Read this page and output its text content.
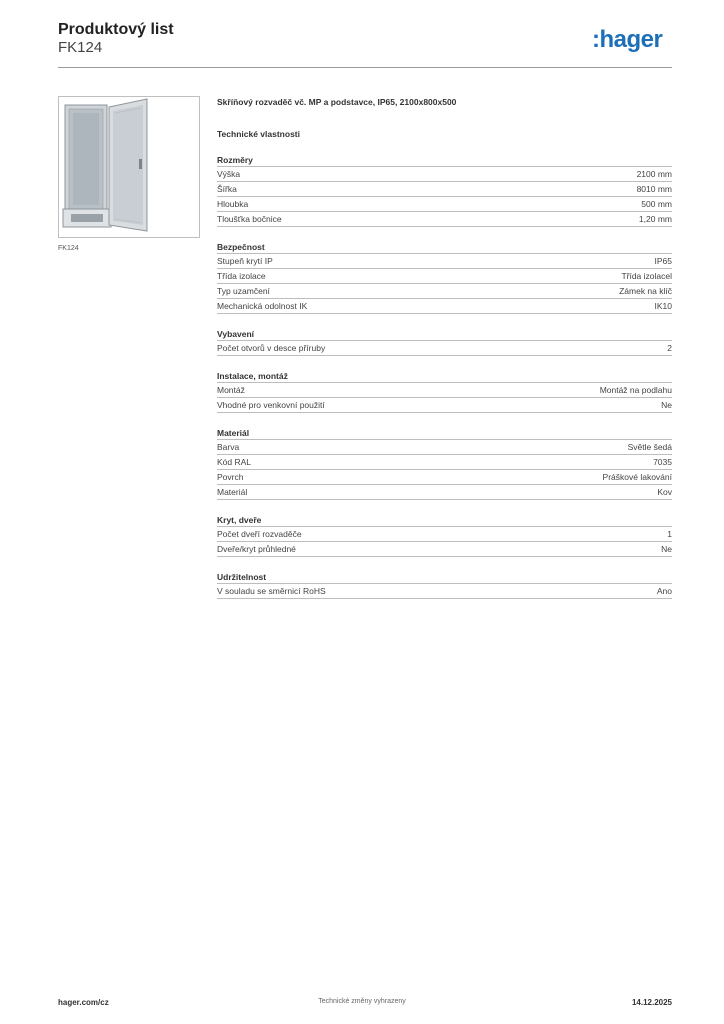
Produktový list
FK124	:hager
FK124
Skříňový rozvaděč vč. MP a podstavce, IP65, 2100x800x500
Technické vlastnosti
Rozměry
Výška	2100 mm
Šířka	8010 mm
Hloubka	500 mm
Tloušťka bočnice	1,20 mm
Bezpečnost
Stupeň krytí IP	IP65
Třída izolace	Třída izolacel
Typ uzamčení	Zámek na klíč
Mechanická odolnost IK	IK10
Vybavení
Počet otvorů v desce příruby	2
Instalace, montáž
Montáž	Montáž na podlahu
Vhodné pro venkovní použití	Ne
Materiál
Barva	Světle šedá
Kód RAL	7035
Povrch	Práškové lakování
Materiál	Kov
Kryt, dveře
Počet dveří rozvaděče	1
Dveře/kryt průhledné	Ne
Udržitelnost
V souladu se směrnicí RoHS	Ano
hager.com/cz	Technické změny vyhrazeny	14.12.2025
